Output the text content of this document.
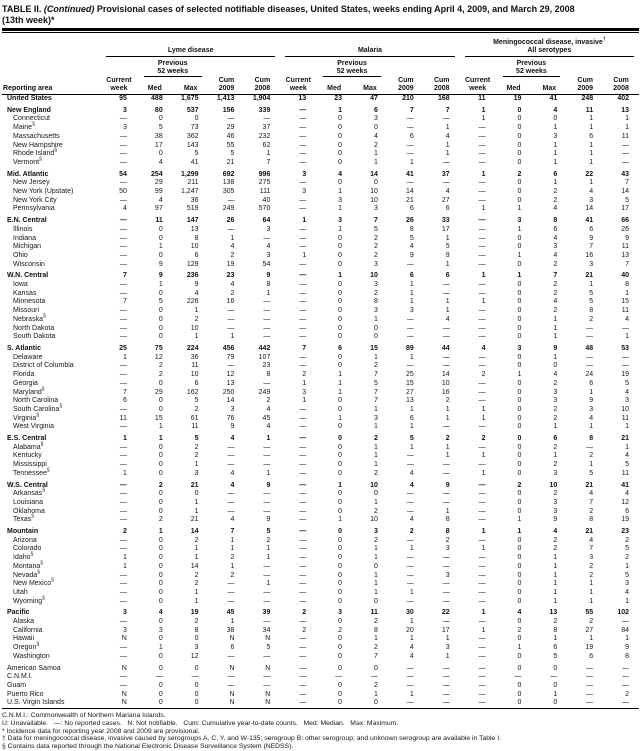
TABLE II. (Continued) Provisional cases of selected notifiable diseases, United States, weeks ending April 4, 2009, and March 29, 2008
(13th week)*

	Lyme disease					Malaria					Meningococcal disease, invasive†
All serotypes				

Previous
52 weeks

Previous
52 weeks

Previous
52 weeks

Reporting area	Current
week	Med	Max	Cum
2009	Cum
2008	Current
week	Med	Max	Cum
2009	Cum
2008	Current
week	Med	Max	Cum
2009	Cum
2008
United States	95	488	1,675	1,413	1,904	13	23	47	210	168	11	19	41	248	402
New England	3	80	537	156	339	—	1	6	7	7	1	0	4	11	13
Connecticut	—	0	0	—	—	—	0	3	—	—	1	0	0	1	1
Maine§	3	5	73	29	37	—	0	0	—	1	—	0	1	1	1
Massachusetts	—	38	362	46	232	—	0	4	6	4	—	0	3	6	11
New Hampshire	—	17	143	55	62	—	0	2	—	1	—	0	1	1	—
Rhode Island§	—	0	5	5	1	—	0	1	—	1	—	0	1	1	—
Vermont§	—	4	41	21	7	—	0	1	1	—	—	0	1	1	—
Mid. Atlantic	54	254	1,299	692	996	3	4	14	41	37	1	2	6	22	43
New Jersey	—	29	211	138	275	—	0	0	—	—	—	0	1	1	7
New York (Upstate)	50	99	1,247	305	111	3	1	10	14	4	—	0	2	4	14
New York City	—	4	36	—	40	—	3	10	21	27	—	0	2	3	5
Pennsylvania	4	97	519	249	570	—	1	3	6	6	1	1	4	14	17
E.N. Central	—	11	147	26	64	1	3	7	26	33	—	3	8	41	66
Illinois	—	0	13	—	3	—	1	5	8	17	—	1	6	6	26
Indiana	—	0	8	1	—	—	0	2	5	1	—	0	4	9	9
Michigan	—	1	10	4	4	—	0	2	4	5	—	0	3	7	11
Ohio	—	0	6	2	3	1	0	2	9	9	—	1	4	16	13
Wisconsin	—	9	129	19	54	—	0	3	—	1	—	0	2	3	7
W.N. Central	7	9	236	23	9	—	1	10	6	6	1	1	7	21	40
Iowa	—	1	9	4	8	—	0	3	1	—	—	0	2	1	8
Kansas	—	0	4	2	1	—	0	2	1	—	—	0	2	5	1
Minnesota	7	5	226	16	—	—	0	8	1	1	1	0	4	5	15
Missouri	—	0	1	—	—	—	0	3	3	1	—	0	2	8	11
Nebraska§	—	0	2	—	—	—	0	1	—	4	—	0	1	2	4
North Dakota	—	0	10	—	—	—	0	0	—	—	—	0	1	—	—
South Dakota	—	0	1	1	—	—	0	0	—	—	—	0	1	—	1
S. Atlantic	25	75	224	456	442	7	6	15	89	44	4	3	9	48	53
Delaware	1	12	36	79	107	—	0	1	1	—	—	0	1	—	—
District of Columbia	—	2	11	—	23	—	0	2	—	—	—	0	0	—	—
Florida	—	2	10	12	8	2	1	7	25	14	2	1	4	24	19
Georgia	—	0	6	13	—	1	1	5	15	10	—	0	2	6	5
Maryland§	7	29	162	250	249	3	1	7	27	16	—	0	3	1	4
North Carolina	6	0	5	14	2	1	0	7	13	2	—	0	3	9	3
South Carolina§	—	0	2	3	4	—	0	1	1	1	1	0	2	3	10
Virginia§	11	15	61	76	45	—	1	3	6	1	1	0	2	4	11
West Virginia	—	1	11	9	4	—	0	1	1	—	—	0	1	1	1
E.S. Central	1	1	5	4	1	—	0	2	5	2	2	0	6	8	21
Alabama§	—	0	2	—	—	—	0	1	1	1	—	0	2	—	1
Kentucky	—	0	2	—	—	—	0	1	—	1	1	0	1	2	4
Mississippi	—	0	1	—	—	—	0	1	—	—	—	0	2	1	5
Tennessee§	1	0	3	4	1	—	0	2	4	—	1	0	3	5	11
W.S. Central	—	2	21	4	9	—	1	10	4	9	—	2	10	21	41
Arkansas§	—	0	0	—	—	—	0	0	—	—	—	0	2	4	4
Louisiana	—	0	1	—	—	—	0	1	—	—	—	0	3	7	12
Oklahoma	—	0	1	—	—	—	0	2	—	1	—	0	3	2	6
Texas§	—	2	21	4	9	—	1	10	4	8	—	1	9	8	19
Mountain	2	1	14	7	5	—	0	3	2	8	1	1	4	21	23
Arizona	—	0	2	1	2	—	0	2	—	2	—	0	2	4	2
Colorado	—	0	1	1	1	—	0	1	1	3	1	0	2	7	5
Idaho§	1	0	1	2	1	—	0	1	—	—	—	0	1	3	2
Montana§	1	0	14	1	—	—	0	0	—	—	—	0	1	2	1
Nevada§	—	0	2	2	—	—	0	1	—	3	—	0	1	2	5
New Mexico§	—	0	2	—	1	—	0	1	—	—	—	0	1	1	3
Utah	—	0	1	—	—	—	0	1	1	—	—	0	1	1	4
Wyoming§	—	0	1	—	—	—	0	0	—	—	—	0	1	1	1
Pacific	3	4	19	45	39	2	3	11	30	22	1	4	13	55	102
Alaska	—	0	2	1	—	—	0	2	1	—	—	0	2	2	—
California	3	3	8	38	34	2	2	8	20	17	1	2	8	27	84
Hawaii	N	0	0	N	N	—	0	1	1	1	—	0	1	1	1
Oregon§	—	1	3	6	5	—	0	2	4	3	—	1	6	19	9
Washington	—	0	12	—	—	—	0	7	4	1	—	0	5	6	8
American Samoa	N	0	0	N	N	—	0	0	—	—	—	0	0	—	—
C.N.M.I.	—	—	—	—	—	—	—	—	—	—	—	—	—	—	—
Guam	—	0	0	—	—	—	0	2	—	—	—	0	0	—	—
Puerto Rico	N	0	0	N	N	—	0	1	1	—	—	0	1	—	2
U.S. Virgin Islands	N	0	0	N	N	—	0	0	—	—	—	0	0	—	—
C.N.M.I.: Commonwealth of Northern Mariana Islands.
U: Unavailable.   —: No reported cases.   N: Not notifiable.   Cum: Cumulative year-to-date counts.   Med: Median.   Max: Maximum.
* Incidence data for reporting year 2008 and 2009 are provisional.
† Data for meningococcal disease, invasive caused by serogroups A, C, Y, and W-135; serogroup B; other serogroup; and unknown serogroup are available in Table I.
§ Contains data reported through the National Electronic Disease Surveillance System (NEDSS).
